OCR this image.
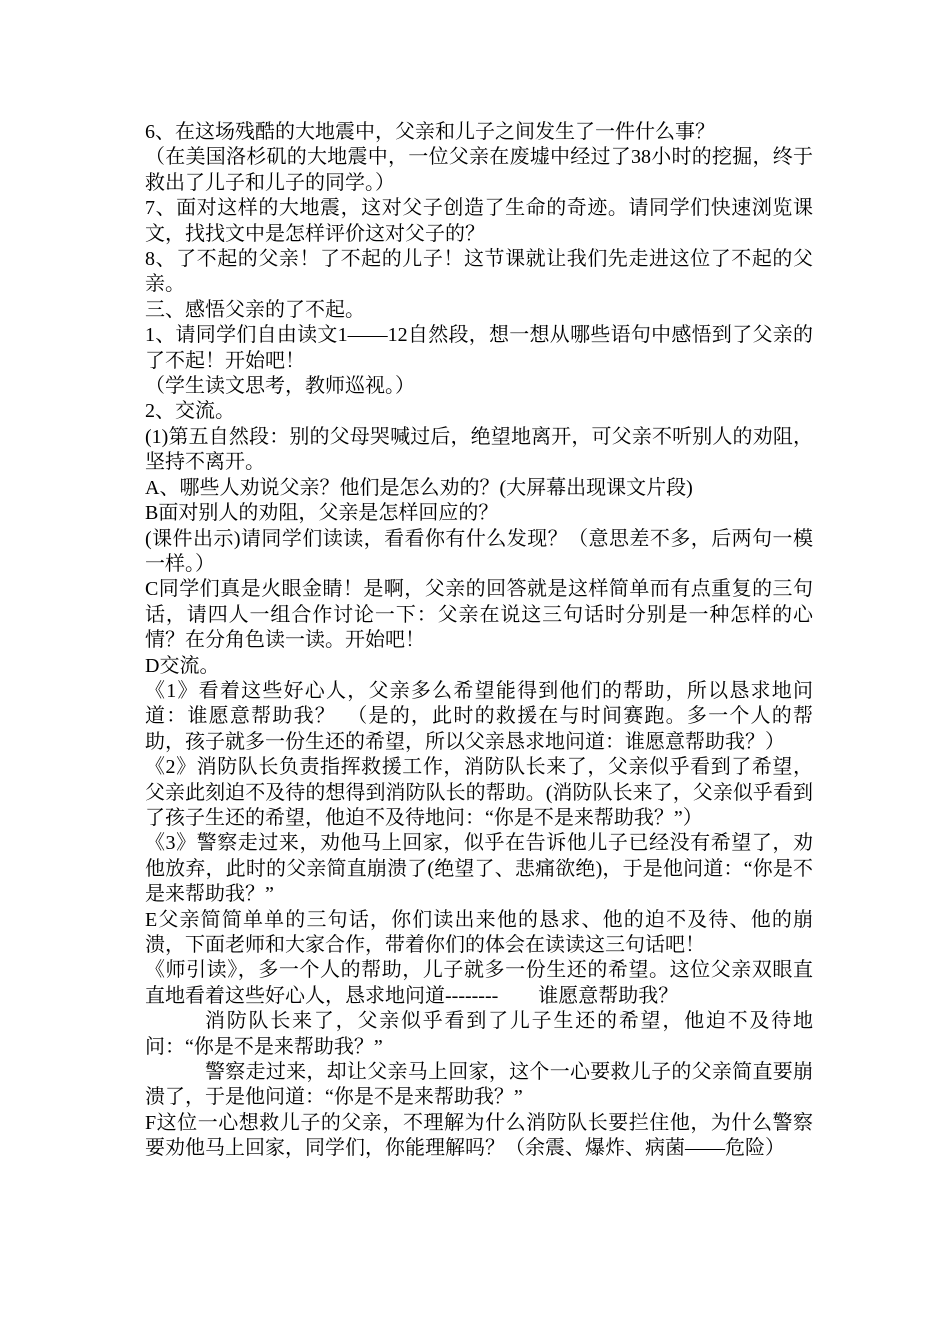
6、在这场残酷的大地震中，父亲和儿子之间发生了一件什么事？

（在美国洛杉矶的大地震中，一位父亲在废墟中经过了38小时的挖掘，终于救出了儿子和儿子的同学。）

7、面对这样的大地震，这对父子创造了生命的奇迹。请同学们快速浏览课文，找找文中是怎样评价这对父子的？

8、了不起的父亲！了不起的儿子！这节课就让我们先走进这位了不起的父亲。

三、感悟父亲的了不起。

1、请同学们自由读文1——12自然段，想一想从哪些语句中感悟到了父亲的了不起！开始吧！

（学生读文思考，教师巡视。）

2、交流。

(1)第五自然段：别的父母哭喊过后，绝望地离开，可父亲不听别人的劝阻，坚持不离开。

A、哪些人劝说父亲？他们是怎么劝的？(大屏幕出现课文片段)

B面对别人的劝阻，父亲是怎样回应的？

(课件出示)请同学们读读，看看你有什么发现？（意思差不多，后两句一模一样。）

C同学们真是火眼金睛！是啊，父亲的回答就是这样简单而有点重复的三句话，请四人一组合作讨论一下：父亲在说这三句话时分别是一种怎样的心情？在分角色读一读。开始吧！

D交流。

《1》看着这些好心人，父亲多么希望能得到他们的帮助，所以恳求地问道：谁愿意帮助我？　（是的，此时的救援在与时间赛跑。多一个人的帮助，孩子就多一份生还的希望，所以父亲恳求地问道：谁愿意帮助我？）

《2》消防队长负责指挥救援工作，消防队长来了，父亲似乎看到了希望，父亲此刻迫不及待的想得到消防队长的帮助。(消防队长来了，父亲似乎看到了孩子生还的希望，他迫不及待地问：“你是不是来帮助我？”）

《3》警察走过来，劝他马上回家，似乎在告诉他儿子已经没有希望了，劝他放弃，此时的父亲简直崩溃了(绝望了、悲痛欲绝)，于是他问道：“你是不是来帮助我？”

E父亲简简单单的三句话，你们读出来他的恳求、他的迫不及待、他的崩溃，下面老师和大家合作，带着你们的体会在读读这三句话吧！

《师引读》，多一个人的帮助，儿子就多一份生还的希望。这位父亲双眼直直地看着这些好心人，恳求地问道--------　　谁愿意帮助我？

消防队长来了，父亲似乎看到了儿子生还的希望，他迫不及待地问：“你是不是来帮助我？”

警察走过来，却让父亲马上回家，这个一心要救儿子的父亲简直要崩溃了，于是他问道：“你是不是来帮助我？”

F这位一心想救儿子的父亲，不理解为什么消防队长要拦住他，为什么警察要劝他马上回家，同学们，你能理解吗？（余震、爆炸、病菌——危险）
